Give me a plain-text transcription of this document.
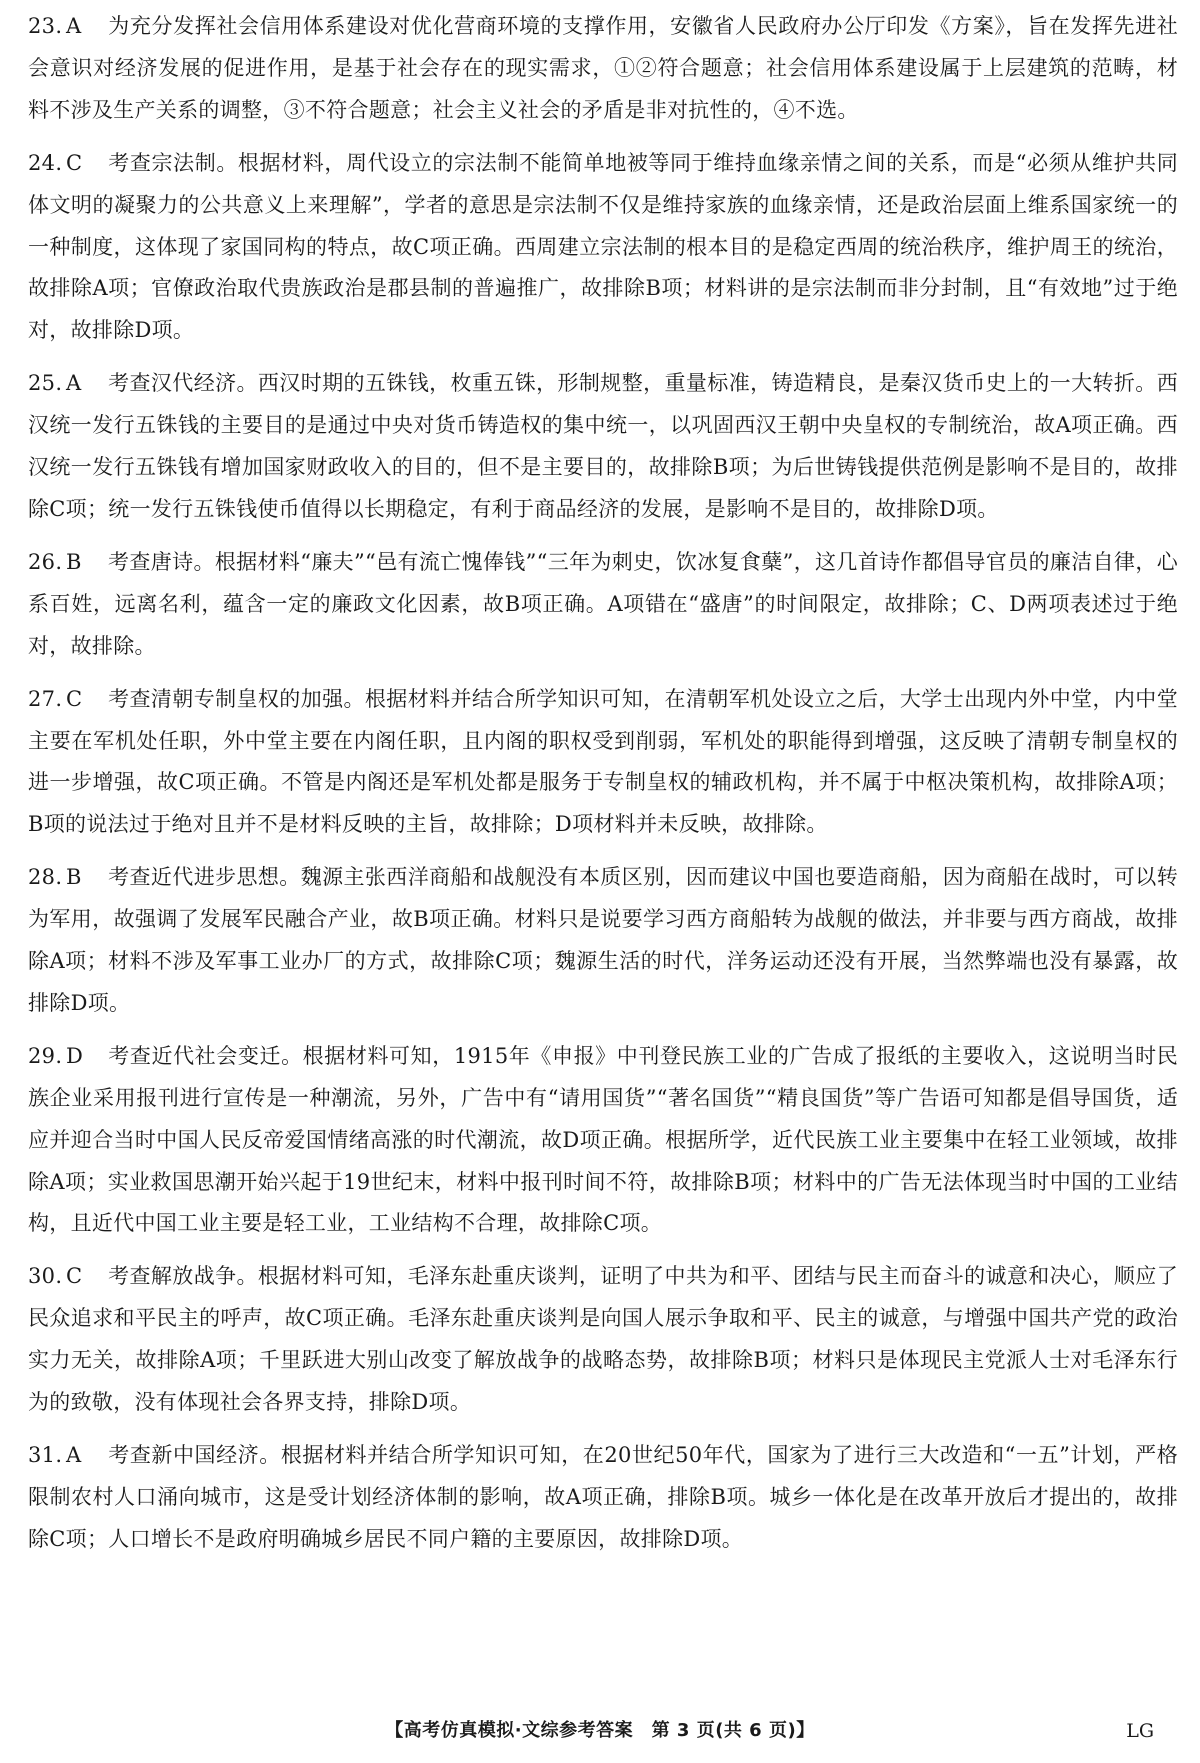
23. A 为充分发挥社会信用体系建设对优化营商环境的支撑作用，安徽省人民政府办公厅印发《方案》，旨在发挥先进社会意识对经济发展的促进作用，是基于社会存在的现实需求，①②符合题意；社会信用体系建设属于上层建筑的范畴，材料不涉及生产关系的调整，③不符合题意；社会主义社会的矛盾是非对抗性的，④不选。

24. C 考查宗法制。根据材料，周代设立的宗法制不能简单地被等同于维持血缘亲情之间的关系，而是“必须从维护共同体文明的凝聚力的公共意义上来理解”，学者的意思是宗法制不仅是维持家族的血缘亲情，还是政治层面上维系国家统一的一种制度，这体现了家国同构的特点，故C项正确。西周建立宗法制的根本目的是稳定西周的统治秩序，维护周王的统治，故排除A项；官僚政治取代贵族政治是郡县制的普遍推广，故排除B项；材料讲的是宗法制而非分封制，且“有效地”过于绝对，故排除D项。

25. A 考查汉代经济。西汉时期的五铢钱，枚重五铢，形制规整，重量标准，铸造精良，是秦汉货币史上的一大转折。西汉统一发行五铢钱的主要目的是通过中央对货币铸造权的集中统一，以巩固西汉王朝中央皇权的专制统治，故A项正确。西汉统一发行五铢钱有增加国家财政收入的目的，但不是主要目的，故排除B项；为后世铸钱提供范例是影响不是目的，故排除C项；统一发行五铢钱使币值得以长期稳定，有利于商品经济的发展，是影响不是目的，故排除D项。

26. B 考查唐诗。根据材料“廉夫”“邑有流亡愧俸钱”“三年为刺史，饮冰复食蘖”，这几首诗作都倡导官员的廉洁自律，心系百姓，远离名利，蕴含一定的廉政文化因素，故B项正确。A项错在“盛唐”的时间限定，故排除；C、D两项表述过于绝对，故排除。

27. C 考查清朝专制皇权的加强。根据材料并结合所学知识可知，在清朝军机处设立之后，大学士出现内外中堂，内中堂主要在军机处任职，外中堂主要在内阁任职，且内阁的职权受到削弱，军机处的职能得到增强，这反映了清朝专制皇权的进一步增强，故C项正确。不管是内阁还是军机处都是服务于专制皇权的辅政机构，并不属于中枢决策机构，故排除A项；B项的说法过于绝对且并不是材料反映的主旨，故排除；D项材料并未反映，故排除。

28. B 考查近代进步思想。魏源主张西洋商船和战舰没有本质区别，因而建议中国也要造商船，因为商船在战时，可以转为军用，故强调了发展军民融合产业，故B项正确。材料只是说要学习西方商船转为战舰的做法，并非要与西方商战，故排除A项；材料不涉及军事工业办厂的方式，故排除C项；魏源生活的时代，洋务运动还没有开展，当然弊端也没有暴露，故排除D项。

29. D 考查近代社会变迁。根据材料可知，1915年《申报》中刊登民族工业的广告成了报纸的主要收入，这说明当时民族企业采用报刊进行宣传是一种潮流，另外，广告中有“请用国货”“著名国货”“精良国货”等广告语可知都是倡导国货，适应并迎合当时中国人民反帝爱国情绪高涨的时代潮流，故D项正确。根据所学，近代民族工业主要集中在轻工业领域，故排除A项；实业救国思潮开始兴起于19世纪末，材料中报刊时间不符，故排除B项；材料中的广告无法体现当时中国的工业结构，且近代中国工业主要是轻工业，工业结构不合理，故排除C项。

30. C 考查解放战争。根据材料可知，毛泽东赴重庆谈判，证明了中共为和平、团结与民主而奋斗的诚意和决心，顺应了民众追求和平民主的呼声，故C项正确。毛泽东赴重庆谈判是向国人展示争取和平、民主的诚意，与增强中国共产党的政治实力无关，故排除A项；千里跃进大别山改变了解放战争的战略态势，故排除B项；材料只是体现民主党派人士对毛泽东行为的致敬，没有体现社会各界支持，排除D项。

31. A 考查新中国经济。根据材料并结合所学知识可知，在20世纪50年代，国家为了进行三大改造和“一五”计划，严格限制农村人口涌向城市，这是受计划经济体制的影响，故A项正确，排除B项。城乡一体化是在改革开放后才提出的，故排除C项；人口增长不是政府明确城乡居民不同户籍的主要原因，故排除D项。

【高考仿真模拟·文综参考答案　第 3 页(共 6 页)】	LG
